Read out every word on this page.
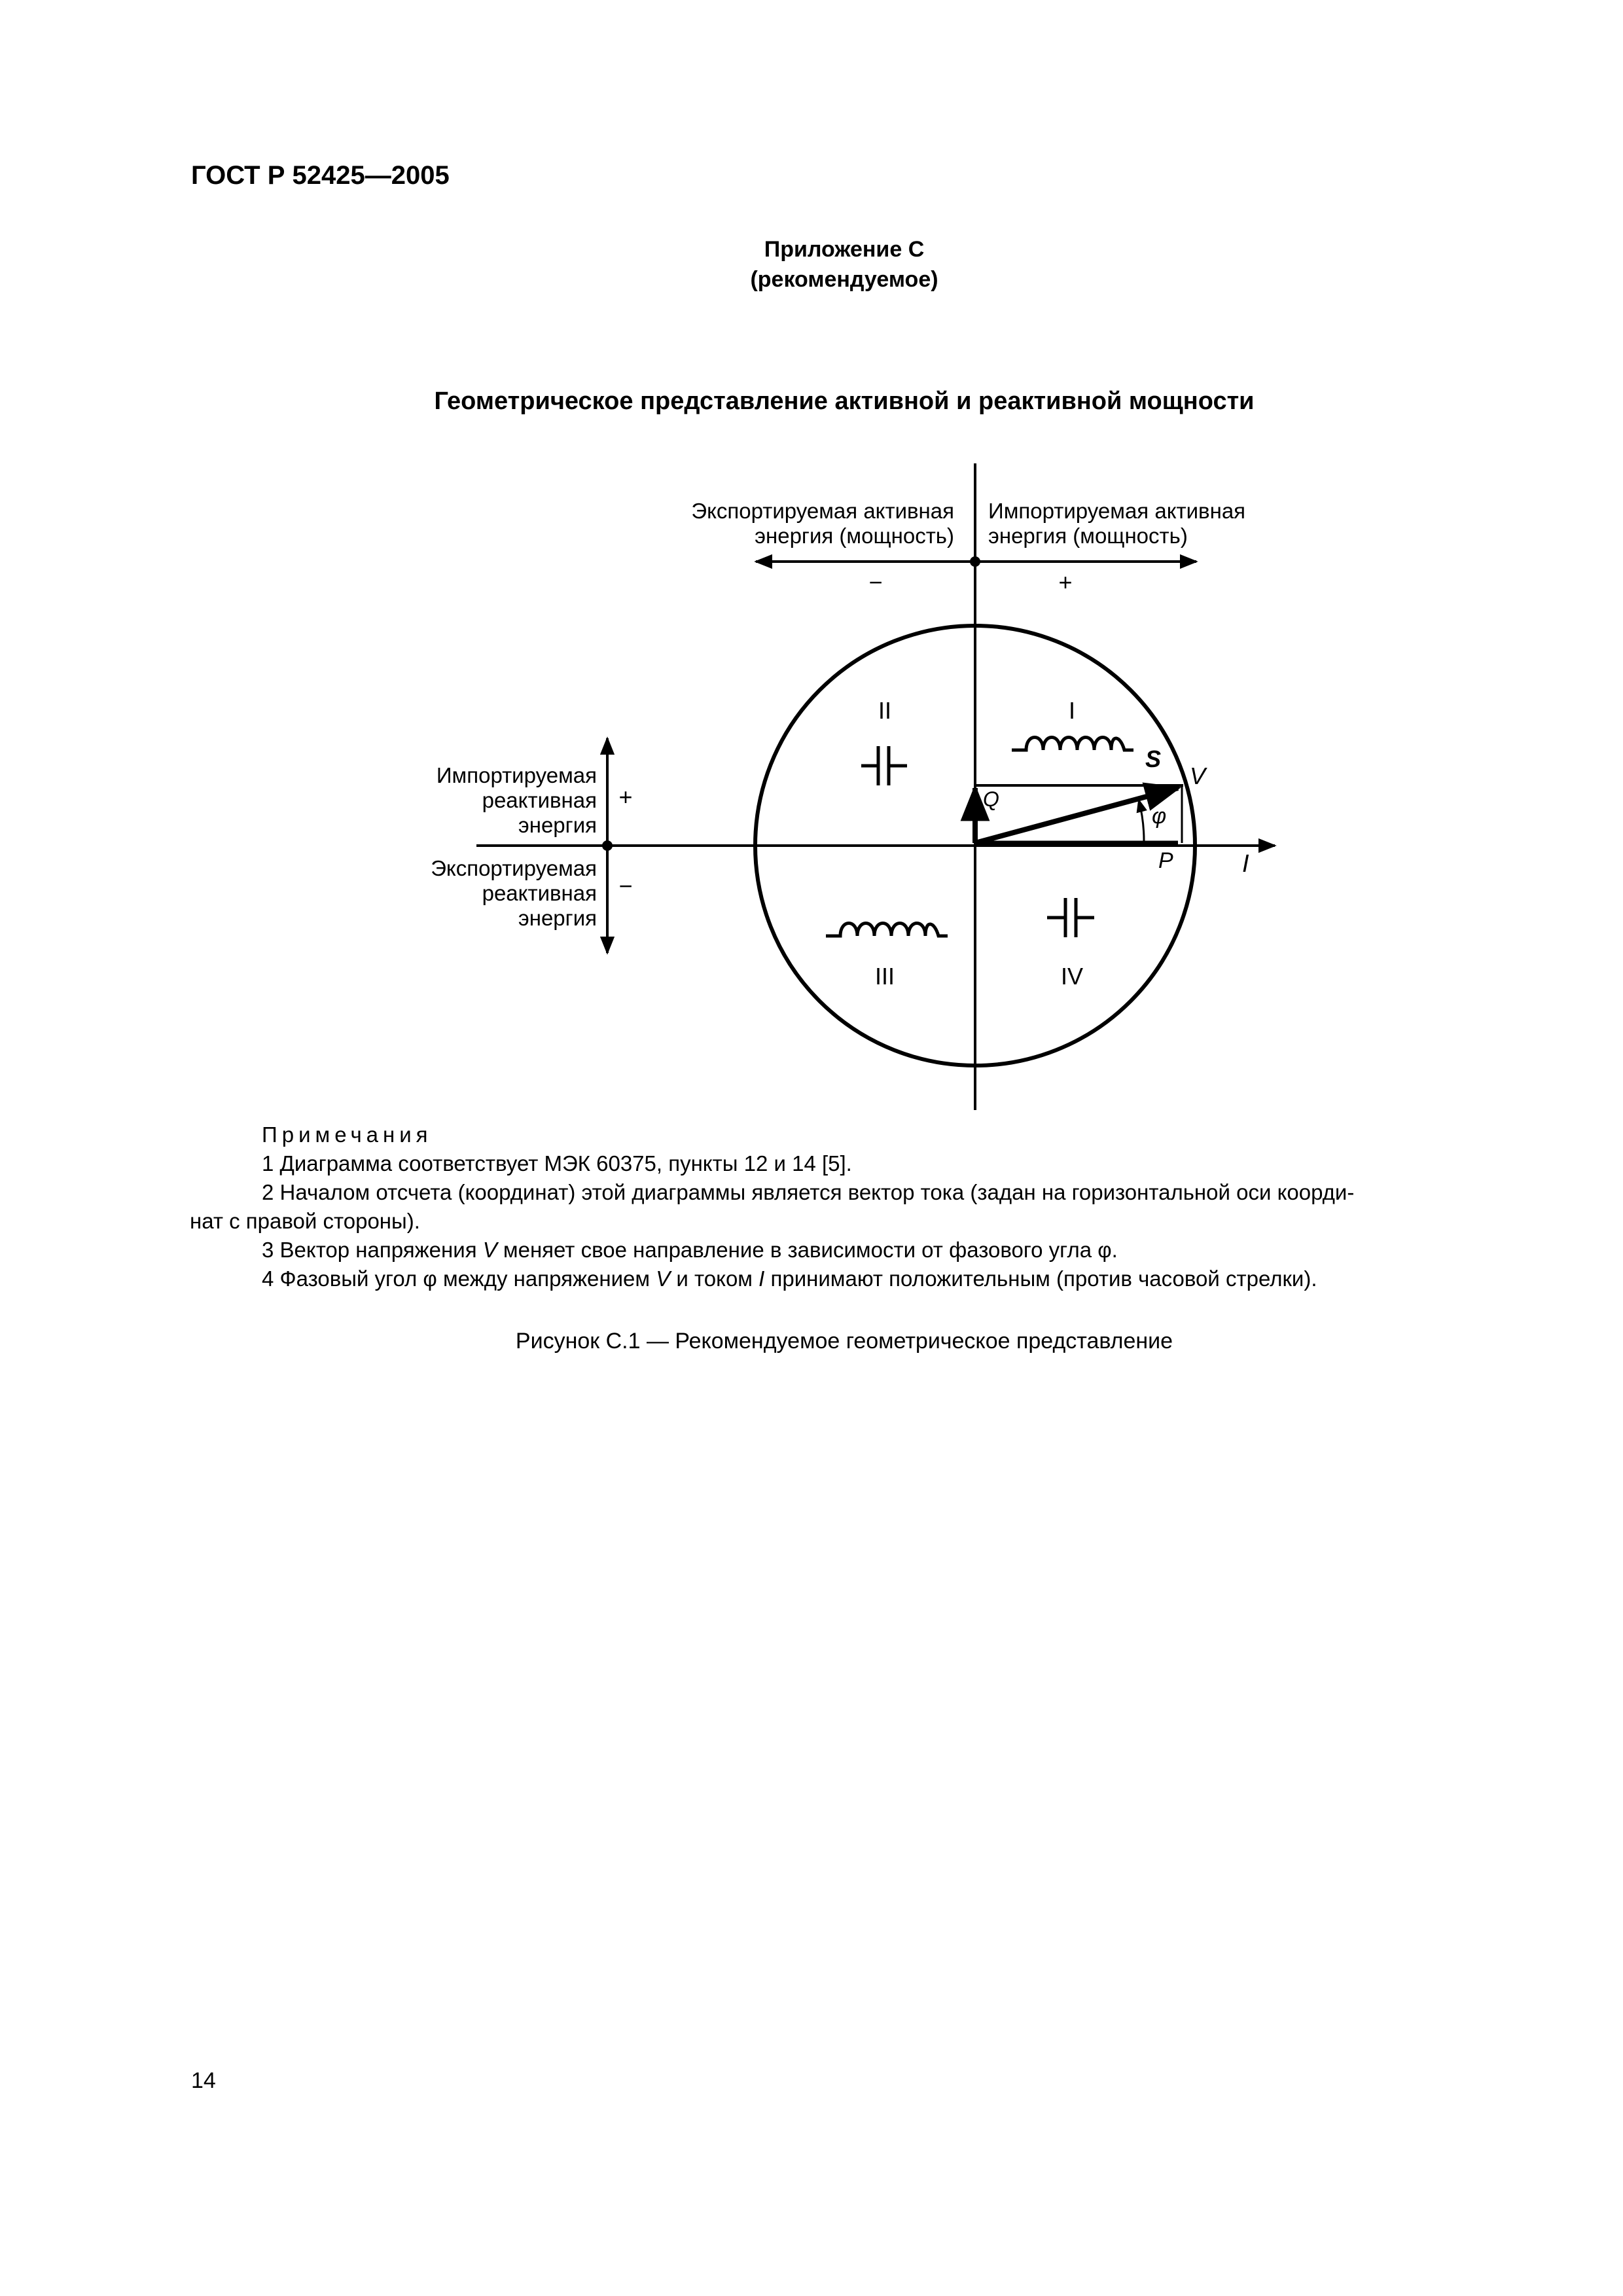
ГОСТ Р 52425—2005
Приложение С
(рекомендуемое)
Геометрическое представление активной и реактивной мощности
Экспортируемая активная
энергия (мощность)
Импортируемая активная
энергия (мощность)
−	+
Импортируемая
реактивная
энергия
Экспортируемая
реактивная
энергия
+
−
I
II
III	IV
S
V
Q
P
φ
I
Примечания
1 Диаграмма соответствует МЭК 60375, пункты 12 и 14 [5].
2 Началом отсчета (координат) этой диаграммы является вектор тока (задан на горизонтальной оси коорди-
нат с правой стороны).
3 Вектор напряжения V меняет свое направление в зависимости от фазового угла φ.
4 Фазовый угол φ между напряжением V и током I принимают положительным (против часовой стрелки).
Рисунок С.1 — Рекомендуемое геометрическое представление
14
